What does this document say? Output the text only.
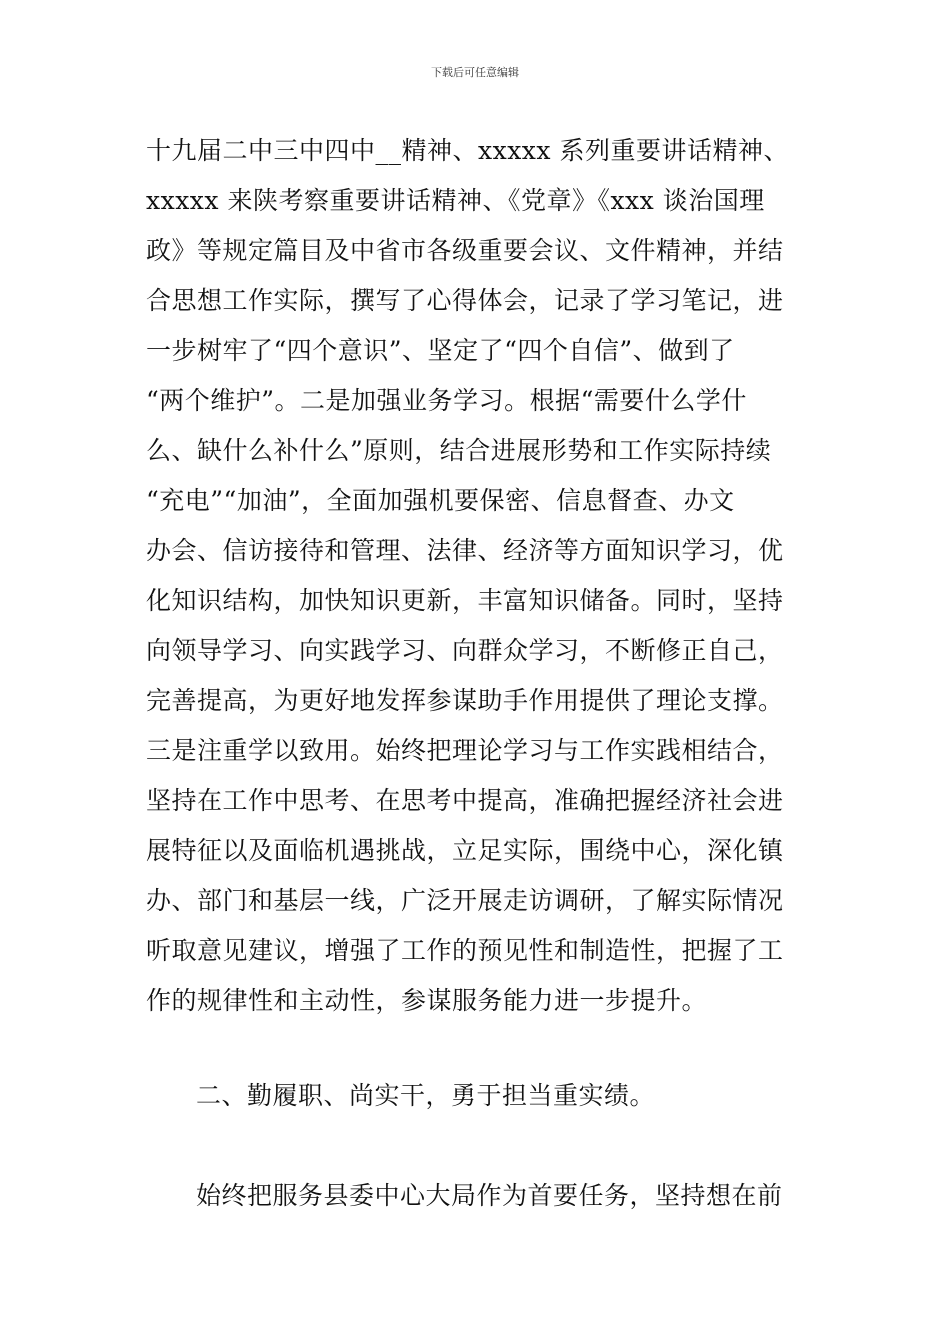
下载后可任意编辑
十九届二中三中四中__精神、xxxxx 系列重要讲话精神、
xxxxx 来陕考察重要讲话精神、《党章》《xxx 谈治国理
政》等规定篇目及中省市各级重要会议、文件精神，并结
合思想工作实际，撰写了心得体会，记录了学习笔记，进
一步树牢了“四个意识”、坚定了“四个自信”、做到了
“两个维护”。二是加强业务学习。根据“需要什么学什
么、缺什么补什么”原则，结合进展形势和工作实际持续
“充电”“加油”，全面加强机要保密、信息督查、办文
办会、信访接待和管理、法律、经济等方面知识学习，优
化知识结构，加快知识更新，丰富知识储备。同时，坚持
向领导学习、向实践学习、向群众学习，不断修正自己，
完善提高，为更好地发挥参谋助手作用提供了理论支撑。
三是注重学以致用。始终把理论学习与工作实践相结合，
坚持在工作中思考、在思考中提高，准确把握经济社会进
展特征以及面临机遇挑战，立足实际，围绕中心，深化镇
办、部门和基层一线，广泛开展走访调研，了解实际情况
听取意见建议，增强了工作的预见性和制造性，把握了工
作的规律性和主动性，参谋服务能力进一步提升。
二、勤履职、尚实干，勇于担当重实绩。
始终把服务县委中心大局作为首要任务，坚持想在前
